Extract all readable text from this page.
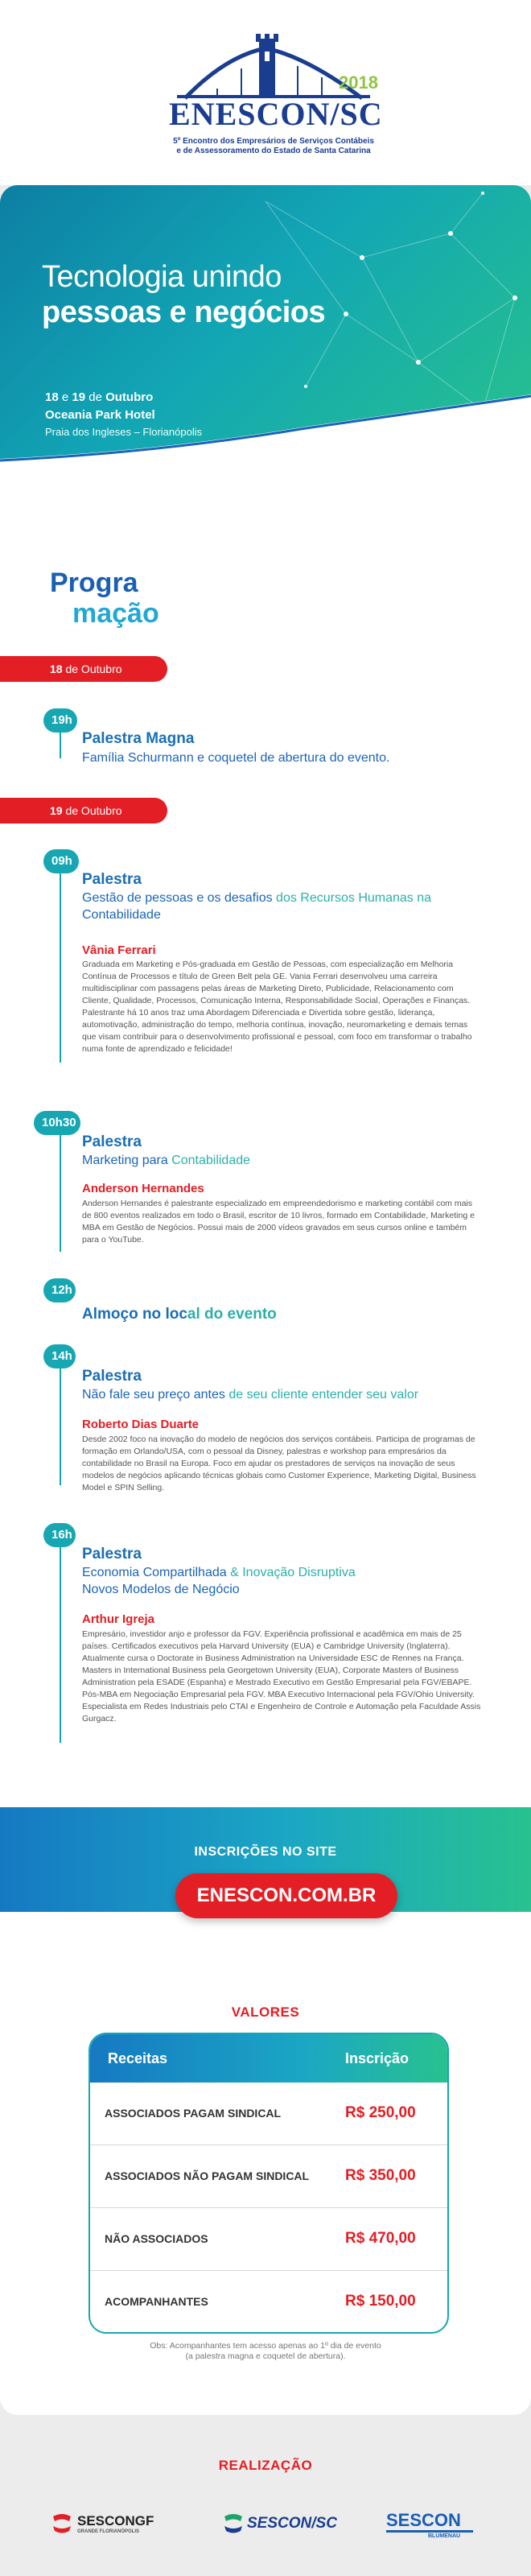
ENESCON/SC
2018
5º Encontro dos Empresários de Serviços Contábeis
e de Assessoramento do Estado de Santa Catarina
Tecnologia unindo
pessoas e negócios
18 e 19 de Outubro
Oceania Park Hotel
Praia dos Ingleses – Florianópolis
Progra
mação
18 de Outubro
19h
Palestra Magna
Família Schurmann e coquetel de abertura do evento.
19 de Outubro
09h
Palestra
Gestão de pessoas e os desafios dos Recursos Humanas na
Contabilidade
Vânia Ferrari
Graduada em Marketing e Pós-graduada em Gestão de Pessoas, com especialização em Melhoria Contínua de Processos e título de Green Belt pela GE. Vania Ferrari desenvolveu uma carreira multidisciplinar com passagens pelas áreas de Marketing Direto, Publicidade, Relacionamento com Cliente, Qualidade, Processos, Comunicação Interna, Responsabilidade Social, Operações e Finanças. Palestrante há 10 anos traz uma Abordagem Diferenciada e Divertida sobre gestão, liderança, automotivação, administração do tempo, melhoria contínua, inovação, neuromarketing e demais temas que visam contribuir para o desenvolvimento profissional e pessoal, com foco em transformar o trabalho numa fonte de aprendizado e felicidade!
10h30
Palestra
Marketing para Contabilidade
Anderson Hernandes
Anderson Hernandes é palestrante especializado em empreendedorismo e marketing contábil com mais de 800 eventos realizados em todo o Brasil, escritor de 10 livros, formado em Contabilidade, Marketing e MBA em Gestão de Negócios. Possui mais de 2000 vídeos gravados em seus cursos online e também para o YouTube.
12h
Almoço no local do evento
14h
Palestra
Não fale seu preço antes de seu cliente entender seu valor
Roberto Dias Duarte
Desde 2002 foco na inovação do modelo de negócios dos serviços contábeis. Participa de programas de formação em Orlando/USA, com o pessoal da Disney, palestras e workshop para empresários da contabilidade no Brasil na Europa. Foco em ajudar os prestadores de serviços na inovação de seus modelos de negócios aplicando técnicas globais como Customer Experience, Marketing Digital, Business Model e SPIN Selling.
16h
Palestra
Economia Compartilhada & Inovação Disruptiva
Novos Modelos de Negócio
Arthur Igreja
Empresário, investidor anjo e professor da FGV. Experiência profissional e acadêmica em mais de 25 países. Certificados executivos pela Harvard University (EUA) e Cambridge University (Inglaterra). Atualmente cursa o Doctorate in Business Administration na Universidade ESC de Rennes na França. Masters in International Business pela Georgetown University (EUA), Corporate Masters of Business Administration pela ESADE (Espanha) e Mestrado Executivo em Gestão Empresarial pela FGV/EBAPE. Pós-MBA em Negociação Empresarial pela FGV. MBA Executivo Internacional pela FGV/Ohio University. Especialista em Redes Industriais pelo CTAI e Engenheiro de Controle e Automação pela Faculdade Assis Gurgacz.
INSCRIÇÕES NO SITE
ENESCON.COM.BR
VALORES
Receitas	Inscrição
ASSOCIADOS PAGAM SINDICAL	R$ 250,00
ASSOCIADOS NÃO PAGAM SINDICAL R$ 350,00
NÃO ASSOCIADOS	R$ 470,00
ACOMPANHANTES	R$ 150,00
Obs: Acompanhantes tem acesso apenas ao 1º dia de evento
(a palestra magna e coquetel de abertura).
REALIZAÇÃO
SESCONGF
GRANDE FLORIANÓPOLIS	SESCON/SC	SESCON
BLUMENAU
